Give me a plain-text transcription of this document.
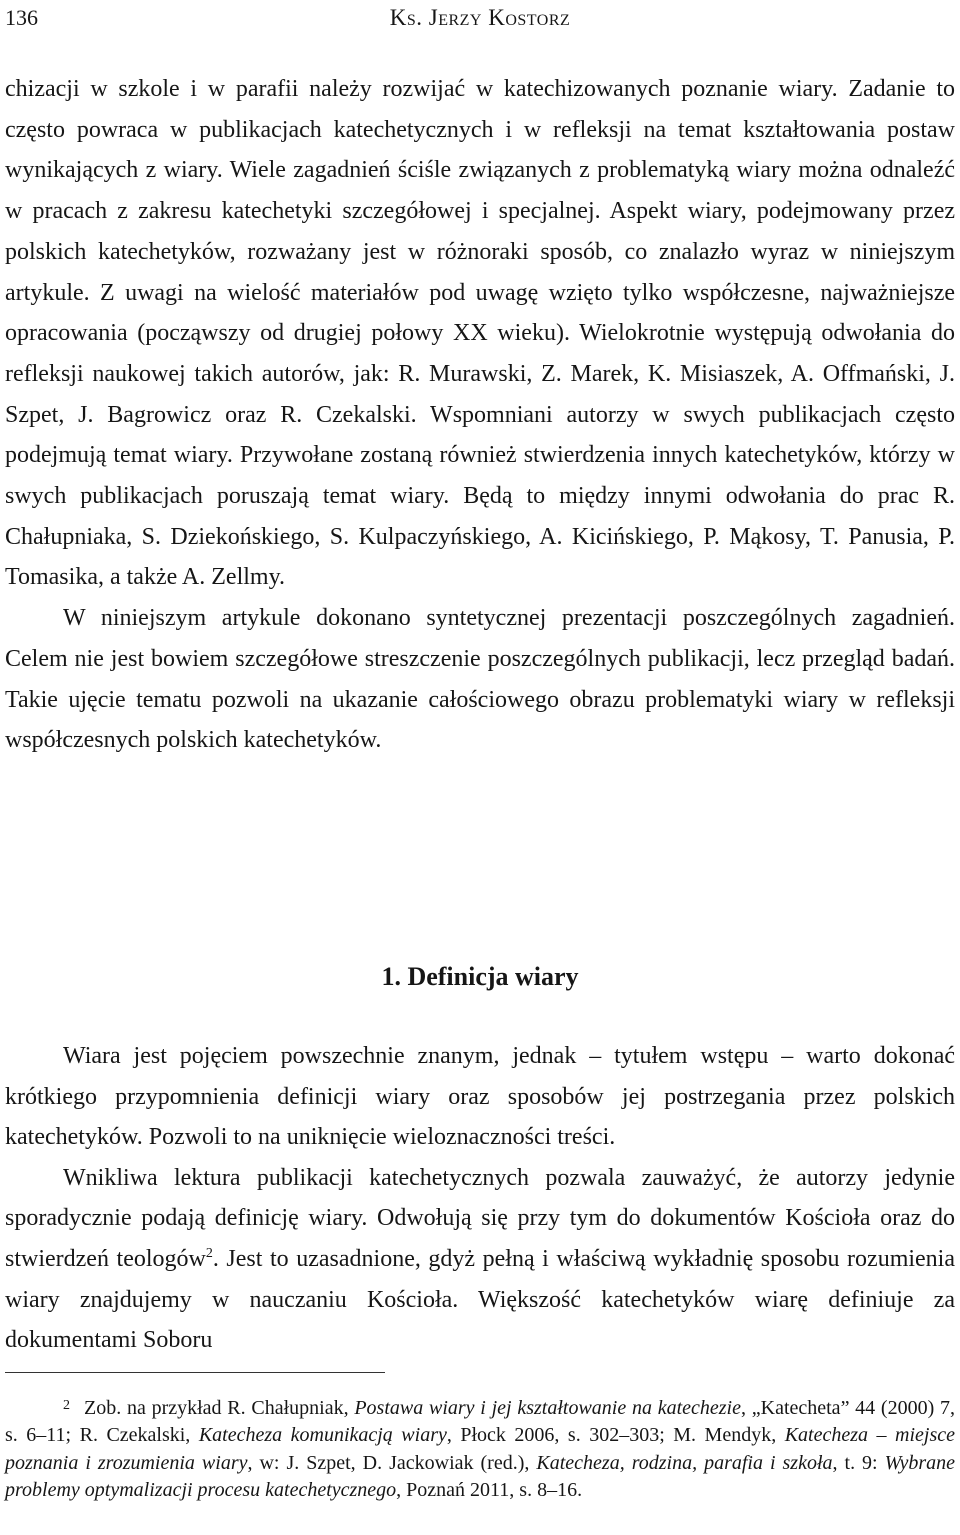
136	Ks. Jerzy Kostorz

chizacji w szkole i w parafii należy rozwijać w katechizowanych poznanie wiary. Zadanie to często powraca w publikacjach katechetycznych i w refleksji na temat kształtowania postaw wynikających z wiary. Wiele zagadnień ściśle związanych z problematyką wiary można odnaleźć w pracach z zakresu katechetyki szczegółowej i specjalnej. Aspekt wiary, podejmowany przez polskich katechetyków, rozważany jest w różnoraki sposób, co znalazło wyraz w niniejszym artykule. Z uwagi na wielość materiałów pod uwagę wzięto tylko współczesne, najważniejsze opracowania (począwszy od drugiej połowy XX wieku). Wielokrotnie występują odwołania do refleksji naukowej takich autorów, jak: R. Murawski, Z. Marek, K. Misiaszek, A. Offmański, J. Szpet, J. Bagrowicz oraz R. Czekalski. Wspomniani autorzy w swych publikacjach często podejmują temat wiary. Przywołane zostaną również stwierdzenia innych katechetyków, którzy w swych publikacjach poruszają temat wiary. Będą to między innymi odwołania do prac R. Chałupniaka, S. Dziekońskiego, S. Kulpaczyńskiego, A. Kicińskiego, P. Mąkosy, T. Panusia, P. Tomasika, a także A. Zellmy.

W niniejszym artykule dokonano syntetycznej prezentacji poszczególnych zagadnień. Celem nie jest bowiem szczegółowe streszczenie poszczególnych publikacji, lecz przegląd badań. Takie ujęcie tematu pozwoli na ukazanie całościowego obrazu problematyki wiary w refleksji współczesnych polskich katechetyków.

1. Definicja wiary

Wiara jest pojęciem powszechnie znanym, jednak – tytułem wstępu – warto dokonać krótkiego przypomnienia definicji wiary oraz sposobów jej postrzegania przez polskich katechetyków. Pozwoli to na uniknięcie wieloznaczności treści.

Wnikliwa lektura publikacji katechetycznych pozwala zauważyć, że autorzy jedynie sporadycznie podają definicję wiary. Odwołują się przy tym do dokumentów Kościoła oraz do stwierdzeń teologów$^2$. Jest to uzasadnione, gdyż pełną i właściwą wykładnię sposobu rozumienia wiary znajdujemy w nauczaniu Kościoła. Większość katechetyków wiarę definiuje za dokumentami Soboru

$^2$ Zob. na przykład R. Chałupniak, Postawa wiary i jej kształtowanie na katechezie, „Katecheta” 44 (2000) 7, s. 6–11; R. Czekalski, Katecheza komunikacją wiary, Płock 2006, s. 302–303; M. Mendyk, Katecheza – miejsce poznania i zrozumienia wiary, w: J. Szpet, D. Jackowiak (red.), Katecheza, rodzina, parafia i szkoła, t. 9: Wybrane problemy optymalizacji procesu katechetycznego, Poznań 2011, s. 8–16.
